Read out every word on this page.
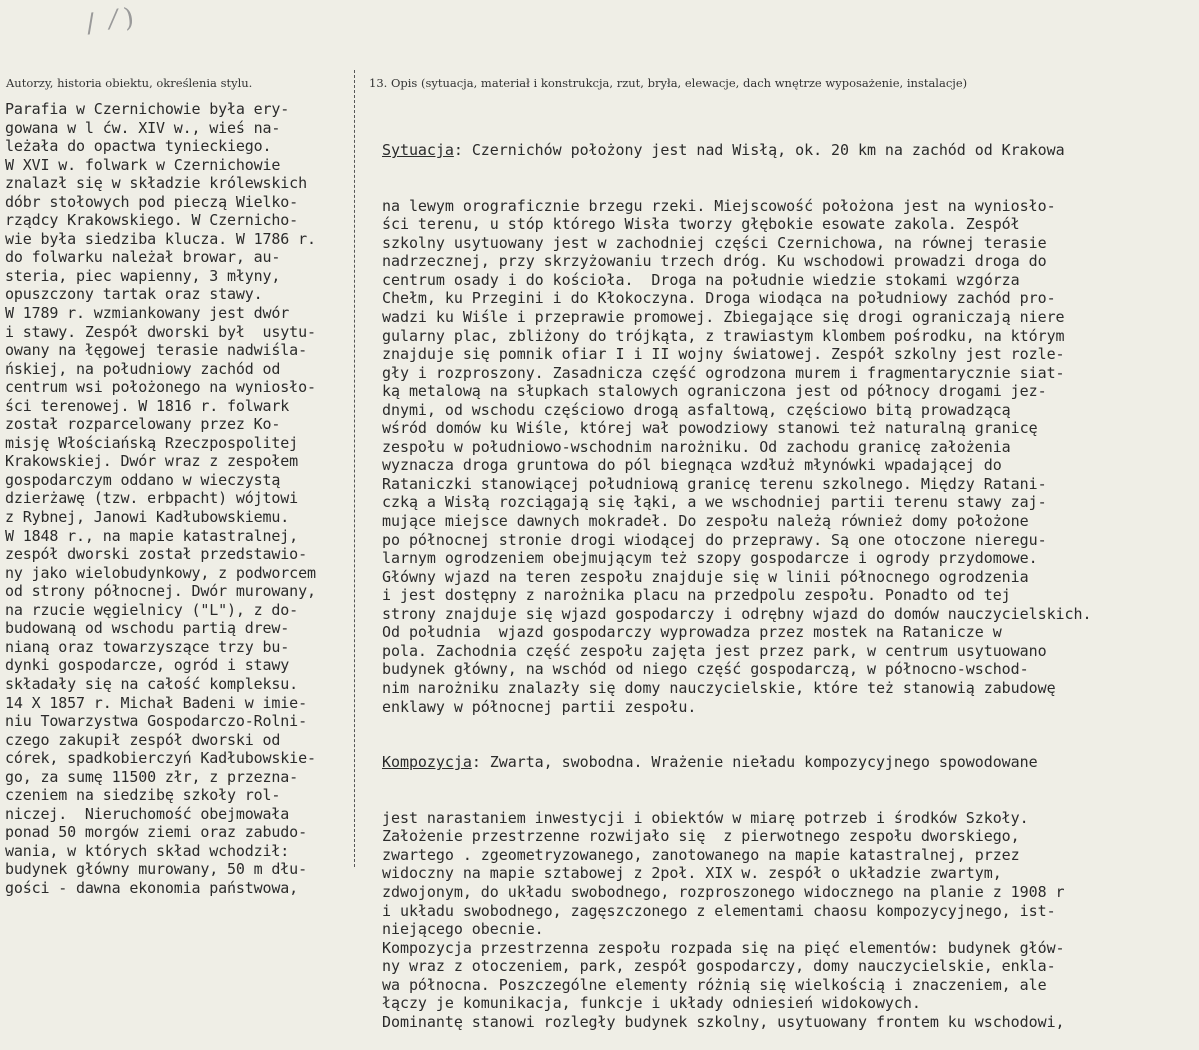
/  ⁄ )
Autorzy, historia obiektu, określenia stylu.	13. Opis (sytuacja, materiał i konstrukcja, rzut, bryła, elewacje, dach wnętrze wyposażenie, instalacje)
Parafia w Czernichowie była ery-
gowana w l ćw. XIV w., wieś na-
leżała do opactwa tynieckiego.
W XVI w. folwark w Czernichowie
znalazł się w składzie królewskich
dóbr stołowych pod pieczą Wielko-
rządcy Krakowskiego. W Czernicho-
wie była siedziba klucza. W 1786 r.
do folwarku należał browar, au-
steria, piec wapienny, 3 młyny,
opuszczony tartak oraz stawy.
W 1789 r. wzmiankowany jest dwór
i stawy. Zespół dworski był  usytu-
owany na łęgowej terasie nadwiśla-
ńskiej, na południowy zachód od
centrum wsi położonego na wyniosło-
ści terenowej. W 1816 r. folwark
został rozparcelowany przez Ko-
misję Włościańską Rzeczpospolitej
Krakowskiej. Dwór wraz z zespołem
gospodarczym oddano w wieczystą
dzierżawę (tzw. erbpacht) wójtowi
z Rybnej, Janowi Kadłubowskiemu.
W 1848 r., na mapie katastralnej,
zespół dworski został przedstawio-
ny jako wielobudynkowy, z podworcem
od strony północnej. Dwór murowany,
na rzucie węgielnicy ("L"), z do-
budowaną od wschodu partią drew-
nianą oraz towarzyszące trzy bu-
dynki gospodarcze, ogród i stawy
składały się na całość kompleksu.
14 X 1857 r. Michał Badeni w imie-
niu Towarzystwa Gospodarczo-Rolni-
czego zakupił zespół dworski od
córek, spadkobierczyń Kadłubowskie-
go, za sumę 11500 złr, z przezna-
czeniem na siedzibę szkoły rol-
niczej.  Nieruchomość obejmowała
ponad 50 morgów ziemi oraz zabudo-
wania, w których skład wchodził:
budynek główny murowany, 50 m dłu-
gości - dawna ekonomia państwowa,

Sytuacja: Czernichów położony jest nad Wisłą, ok. 20 km na zachód od Krakowa

na lewym orograficznie brzegu rzeki. Miejscowość położona jest na wyniosło-
ści terenu, u stóp którego Wisła tworzy głębokie esowate zakola. Zespół
szkolny usytuowany jest w zachodniej części Czernichowa, na równej terasie
nadrzecznej, przy skrzyżowaniu trzech dróg. Ku wschodowi prowadzi droga do
centrum osady i do kościoła.  Droga na południe wiedzie stokami wzgórza
Chełm, ku Przegini i do Kłokoczyna. Droga wiodąca na południowy zachód pro-
wadzi ku Wiśle i przeprawie promowej. Zbiegające się drogi ograniczają niere
gularny plac, zbliżony do trójkąta, z trawiastym klombem pośrodku, na którym
znajduje się pomnik ofiar I i II wojny światowej. Zespół szkolny jest rozle-
gły i rozproszony. Zasadnicza część ogrodzona murem i fragmentarycznie siat-
ką metalową na słupkach stalowych ograniczona jest od północy drogami jez-
dnymi, od wschodu częściowo drogą asfaltową, częściowo bitą prowadzącą
wśród domów ku Wiśle, której wał powodziowy stanowi też naturalną granicę
zespołu w południowo-wschodnim narożniku. Od zachodu granicę założenia
wyznacza droga gruntowa do pól biegnąca wzdłuż młynówki wpadającej do
Rataniczki stanowiącej południową granicę terenu szkolnego. Między Ratani-
czką a Wisłą rozciągają się łąki, a we wschodniej partii terenu stawy zaj-
mujące miejsce dawnych mokradeł. Do zespołu należą również domy położone
po północnej stronie drogi wiodącej do przeprawy. Są one otoczone nieregu-
larnym ogrodzeniem obejmującym też szopy gospodarcze i ogrody przydomowe.
Główny wjazd na teren zespołu znajduje się w linii północnego ogrodzenia
i jest dostępny z narożnika placu na przedpolu zespołu. Ponadto od tej
strony znajduje się wjazd gospodarczy i odrębny wjazd do domów nauczycielskich.
Od południa  wjazd gospodarczy wyprowadza przez mostek na Ratanicze w
pola. Zachodnia część zespołu zajęta jest przez park, w centrum usytuowano
budynek główny, na wschód od niego część gospodarczą, w północno-wschod-
nim narożniku znalazły się domy nauczycielskie, które też stanowią zabudowę
enklawy w północnej partii zespołu.

Kompozycja: Zwarta, swobodna. Wrażenie nieładu kompozycyjnego spowodowane

jest narastaniem inwestycji i obiektów w miarę potrzeb i środków Szkoły.
Założenie przestrzenne rozwijało się  z pierwotnego zespołu dworskiego,
zwartego . zgeometryzowanego, zanotowanego na mapie katastralnej, przez
widoczny na mapie sztabowej z 2poł. XIX w. zespół o układzie zwartym,
zdwojonym, do układu swobodnego, rozproszonego widocznego na planie z 1908 r
i układu swobodnego, zagęszczonego z elementami chaosu kompozycyjnego, ist-
niejącego obecnie.
Kompozycja przestrzenna zespołu rozpada się na pięć elementów: budynek głów-
ny wraz z otoczeniem, park, zespół gospodarczy, domy nauczycielskie, enkla-
wa północna. Poszczególne elementy różnią się wielkością i znaczeniem, ale
łączy je komunikacja, funkcje i układy odniesień widokowych.
Dominantę stanowi rozległy budynek szkolny, usytuowany frontem ku wschodowi,
